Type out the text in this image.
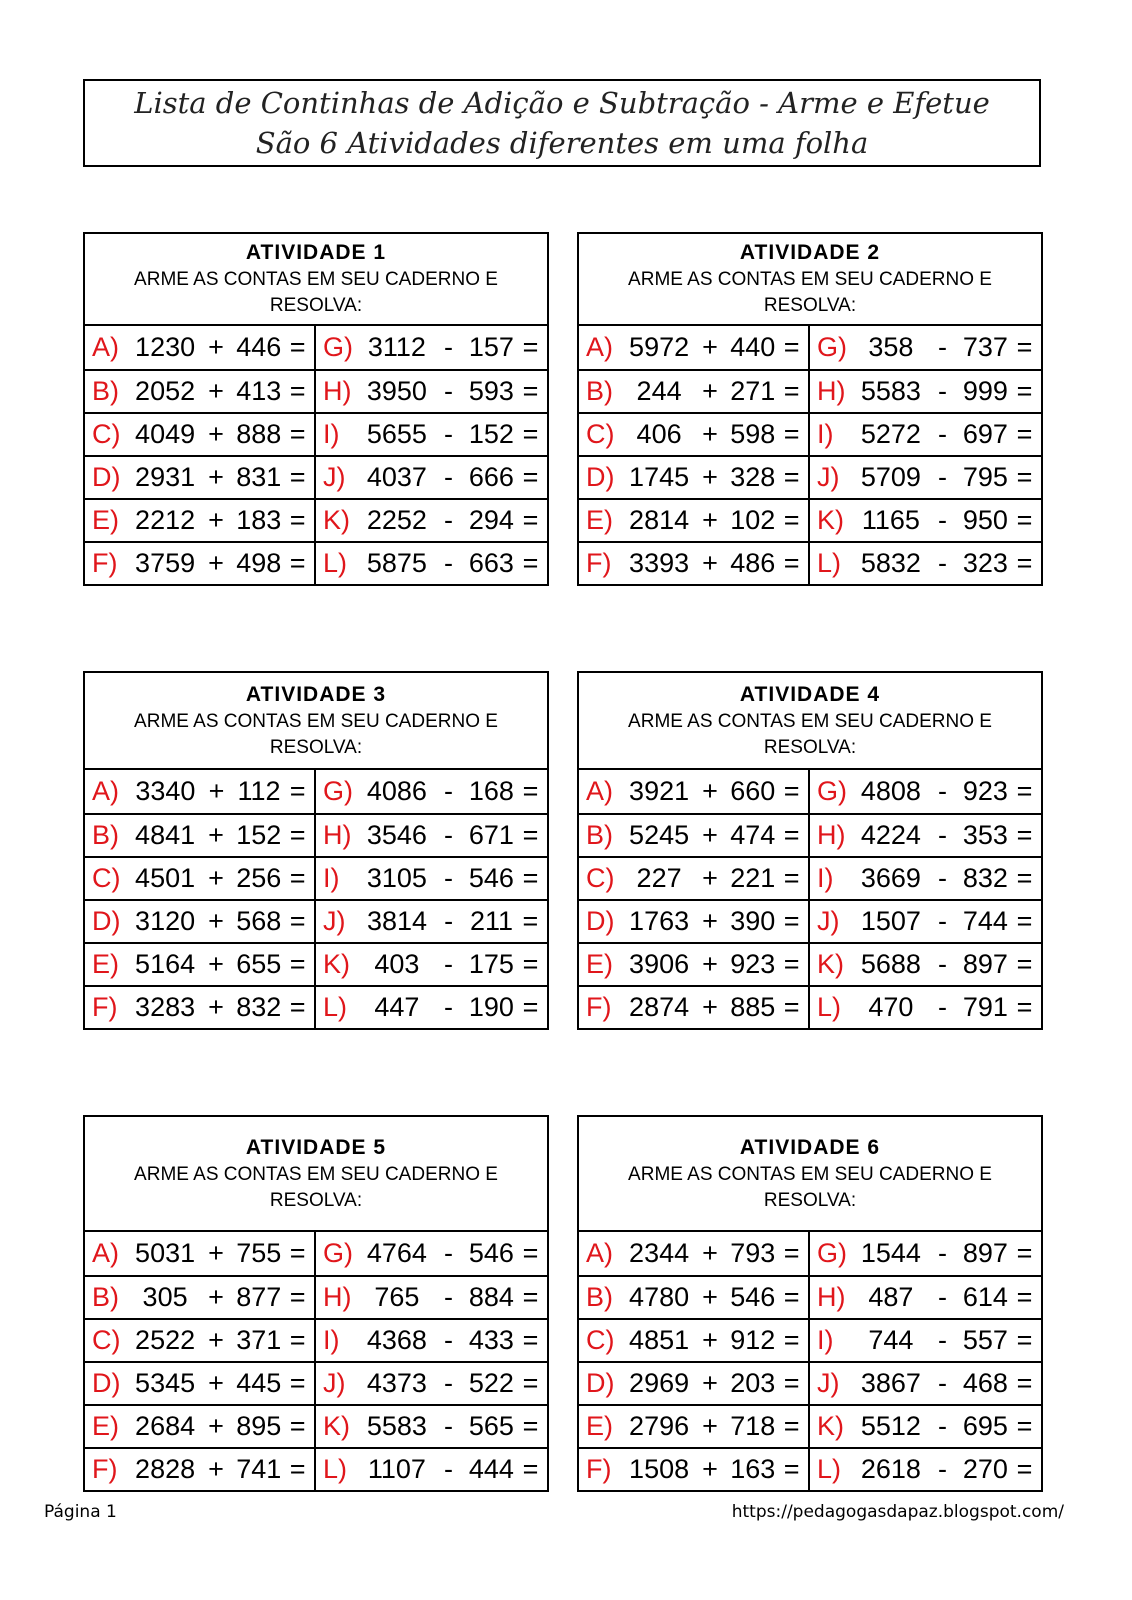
Lista de Continhas de Adição e Subtração - Arme e Efetue
São 6 Atividades diferentes em uma folha
ATIVIDADE 1
ARME AS CONTAS EM SEU CADERNO E RESOLVA:
A) 1230 + 446 = G) 3112 - 157 =
B) 2052 + 413 = H) 3950 - 593 =
C) 4049 + 888 = I)	5655 - 152 =
D) 2931 + 831 = J) 4037 - 666 =
E) 2212 + 183 = K) 2252 - 294 =
F) 3759 + 498 = L) 5875 - 663 =
ATIVIDADE 2
ARME AS CONTAS EM SEU CADERNO E RESOLVA:
A) 5972 + 440 = G) 358 - 737 =
B) 244 + 271 = H) 5583 - 999 =
C) 406 + 598 = I)	5272 - 697 =
D) 1745 + 328 = J) 5709 - 795 =
E) 2814 + 102 = K) 1165 - 950 =
F) 3393 + 486 = L) 5832 - 323 =
ATIVIDADE 3
ARME AS CONTAS EM SEU CADERNO E RESOLVA:
A) 3340 + 112 = G) 4086 - 168 =
B) 4841 + 152 = H) 3546 - 671 =
C) 4501 + 256 = I)	3105 - 546 =
D) 3120 + 568 = J) 3814 - 211 =
E) 5164 + 655 = K) 403 - 175 =
F) 3283 + 832 = L)	447 - 190 =
ATIVIDADE 4
ARME AS CONTAS EM SEU CADERNO E RESOLVA:
A) 3921 + 660 = G) 4808 - 923 =
B) 5245 + 474 = H) 4224 - 353 =
C) 227 + 221 = I)	3669 - 832 =
D) 1763 + 390 = J) 1507 - 744 =
E) 3906 + 923 = K) 5688 - 897 =
F) 2874 + 885 = L)	470 - 791 =
ATIVIDADE 5
ARME AS CONTAS EM SEU CADERNO E RESOLVA:
A) 5031 + 755 = G) 4764 - 546 =
B) 305 + 877 = H) 765 - 884 =
C) 2522 + 371 = I)	4368 - 433 =
D) 5345 + 445 = J) 4373 - 522 =
E) 2684 + 895 = K) 5583 - 565 =
F) 2828 + 741 = L) 1107 - 444 =
ATIVIDADE 6
ARME AS CONTAS EM SEU CADERNO E RESOLVA:
A) 2344 + 793 = G) 1544 - 897 =
B) 4780 + 546 = H) 487 - 614 =
C) 4851 + 912 = I)	744 - 557 =
D) 2969 + 203 = J) 3867 - 468 =
E) 2796 + 718 = K) 5512 - 695 =
F) 1508 + 163 = L) 2618 - 270 =
Página 1	https://pedagogasdapaz.blogspot.com/
